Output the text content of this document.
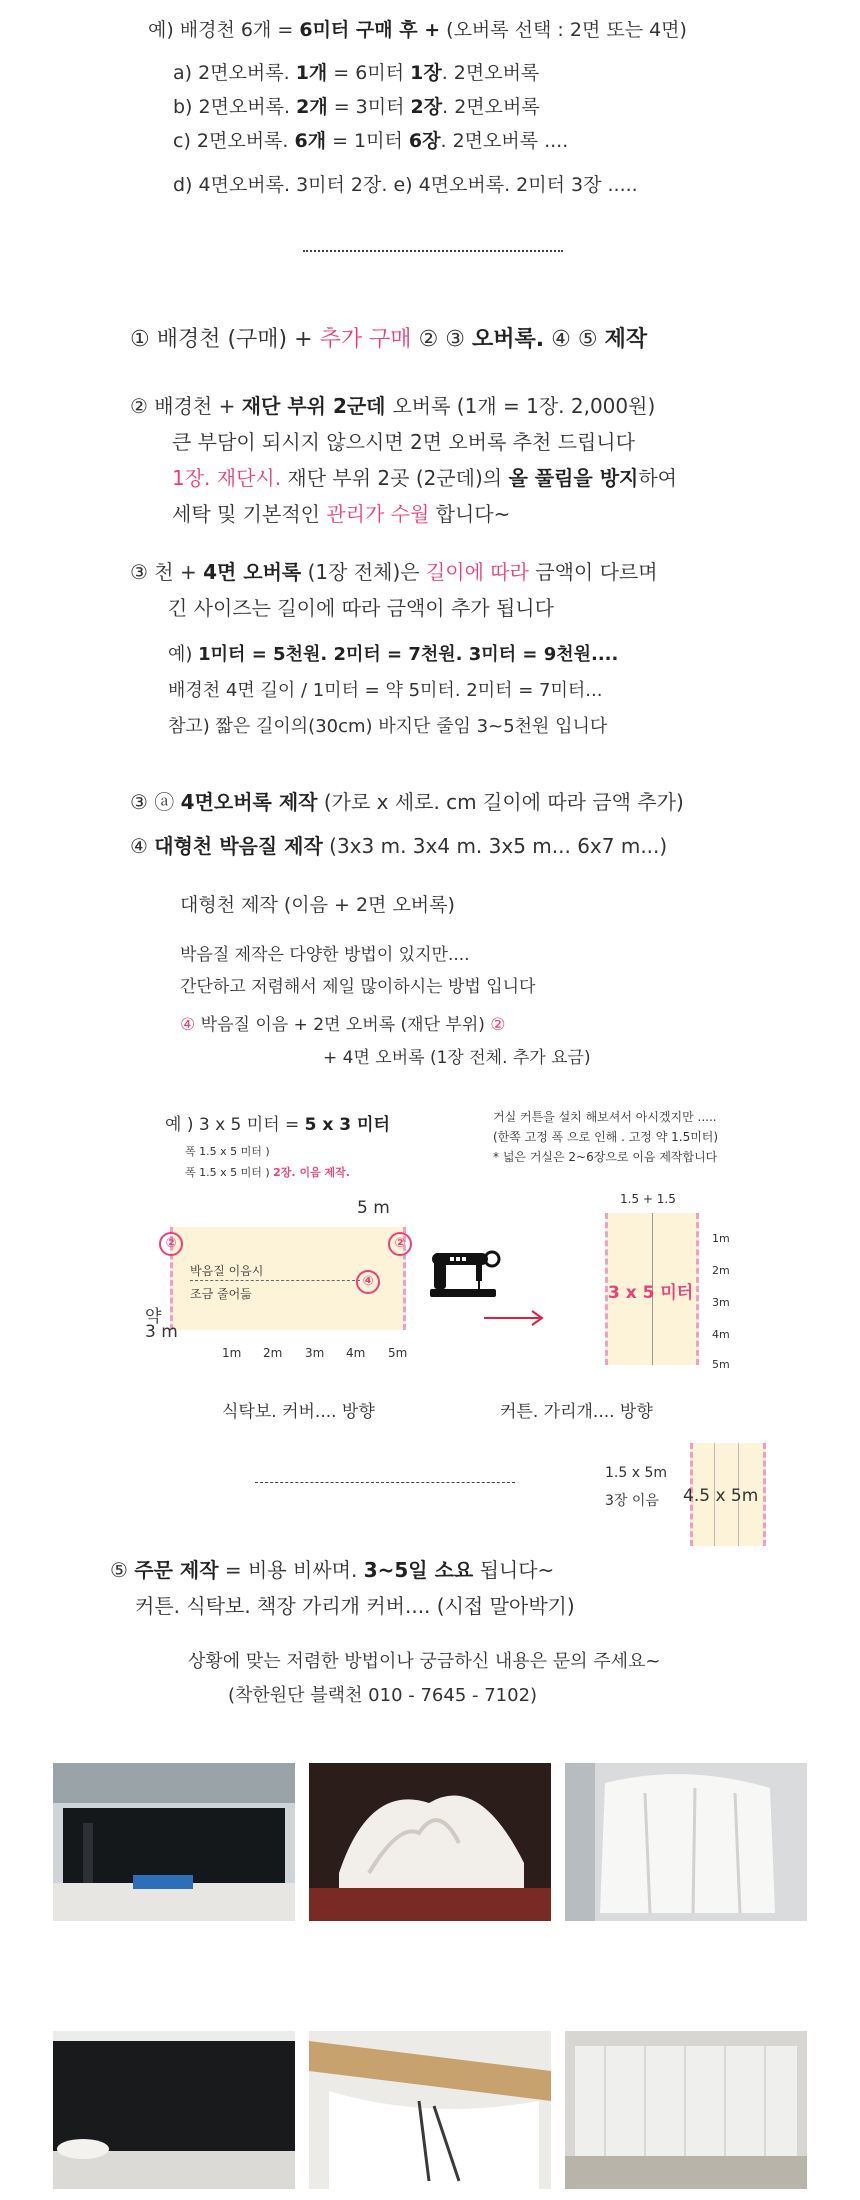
예) 배경천 6개 = 6미터 구매 후 + (오버록 선택 : 2면 또는 4면)
a) 2면오버록. 1개 = 6미터 1장. 2면오버록
b) 2면오버록. 2개 = 3미터 2장. 2면오버록
c) 2면오버록. 6개 = 1미터 6장. 2면오버록 ....
d) 4면오버록. 3미터 2장. e) 4면오버록. 2미터 3장 .....
① 배경천 (구매) + 추가 구매 ② ③ 오버록. ④ ⑤ 제작
② 배경천 + 재단 부위 2군데 오버록 (1개 = 1장. 2,000원)
큰 부담이 되시지 않으시면 2면 오버록 추천 드립니다
1장. 재단시. 재단 부위 2곳 (2군데)의 올 풀림을 방지하여
세탁 및 기본적인 관리가 수월 합니다~
③ 천 + 4면 오버록 (1장 전체)은 길이에 따라 금액이 다르며
긴 사이즈는 길이에 따라 금액이 추가 됩니다
예) 1미터 = 5천원. 2미터 = 7천원. 3미터 = 9천원....
배경천 4면 길이 / 1미터 = 약 5미터. 2미터 = 7미터...
참고) 짧은 길이의(30cm) 바지단 줄임 3~5천원 입니다
③ ⓐ 4면오버록 제작 (가로 x 세로. cm 길이에 따라 금액 추가)
④ 대형천 박음질 제작 (3x3 m. 3x4 m. 3x5 m... 6x7 m...)
대형천 제작 (이음 + 2면 오버록)
박음질 제작은 다양한 방법이 있지만....
간단하고 저렴해서 제일 많이하시는 방법 입니다
④ 박음질 이음 + 2면 오버록 (재단 부위) ②
+ 4면 오버록 (1장 전체. 추가 요금)
예 ) 3 x 5 미터 = 5 x 3 미터
폭 1.5 x 5 미터 )
폭 1.5 x 5 미터 ) 2장. 이음 제작.
거실 커튼을 설치 해보셔서 아시겠지만 .....
(한쪽 고정 폭 으로 인해 . 고정 약 1.5미터)
* 넓은 거실은 2~6장으로 이음 제작합니다
5 m
②	②
박음질 이음시
조금 줄어듦
④
약
3 m
1m 2m 3m 4m 5m
1.5 + 1.5
3 x 5 미터
1m
2m
3m
4m
5m
식탁보. 커버.... 방향	커튼. 가리개.... 방향
1.5 x 5m
3장 이음 4.5 x 5m
⑤ 주문 제작 = 비용 비싸며. 3~5일 소요 됩니다~
커튼. 식탁보. 책장 가리개 커버.... (시접 말아박기)
상황에 맞는 저렴한 방법이나 궁금하신 내용은 문의 주세요~
(착한원단 블랙천 010 - 7645 - 7102)
